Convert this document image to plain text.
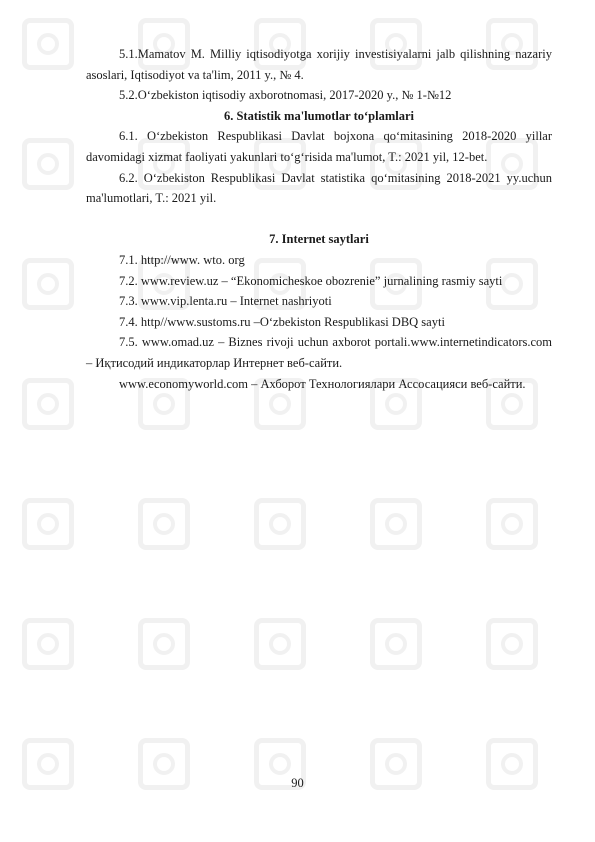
5.1.Mamatov M. Milliy iqtisodiyotga xorijiy investisiyalarni jalb qilishning nazariy asoslari, Iqtisodiyot va ta'lim, 2011 y., № 4.

5.2.O‘zbekiston iqtisodiy axborotnomasi, 2017-2020 y., № 1-№12

6. Statistik ma'lumotlar to‘plamlari

6.1. O‘zbekiston Respublikasi Davlat bojxona qo‘mitasining 2018-2020 yillar davomidagi xizmat faoliyati yakunlari to‘g‘risida ma'lumot, T.: 2021 yil, 12-bet.

6.2. O‘zbekiston Respublikasi Davlat statistika qo‘mitasining 2018-2021 yy.uchun ma'lumotlari, T.: 2021 yil.

7. Internet saytlari

7.1. http://www. wto. org

7.2. www.review.uz – “Ekonomicheskoe obozrenie” jurnalining rasmiy sayti

7.3. www.vip.lenta.ru – Internet nashriyoti

7.4. http//www.sustoms.ru –O‘zbekiston Respublikasi DBQ sayti

7.5. www.omad.uz – Biznes rivoji uchun axborot portali.www.internetindicators.com – Иқтисодий индикаторлар Интернет веб-сайти.

www.economyworld.com – Ахборот Технологиялари Ассосацияси веб-сайти.

90
